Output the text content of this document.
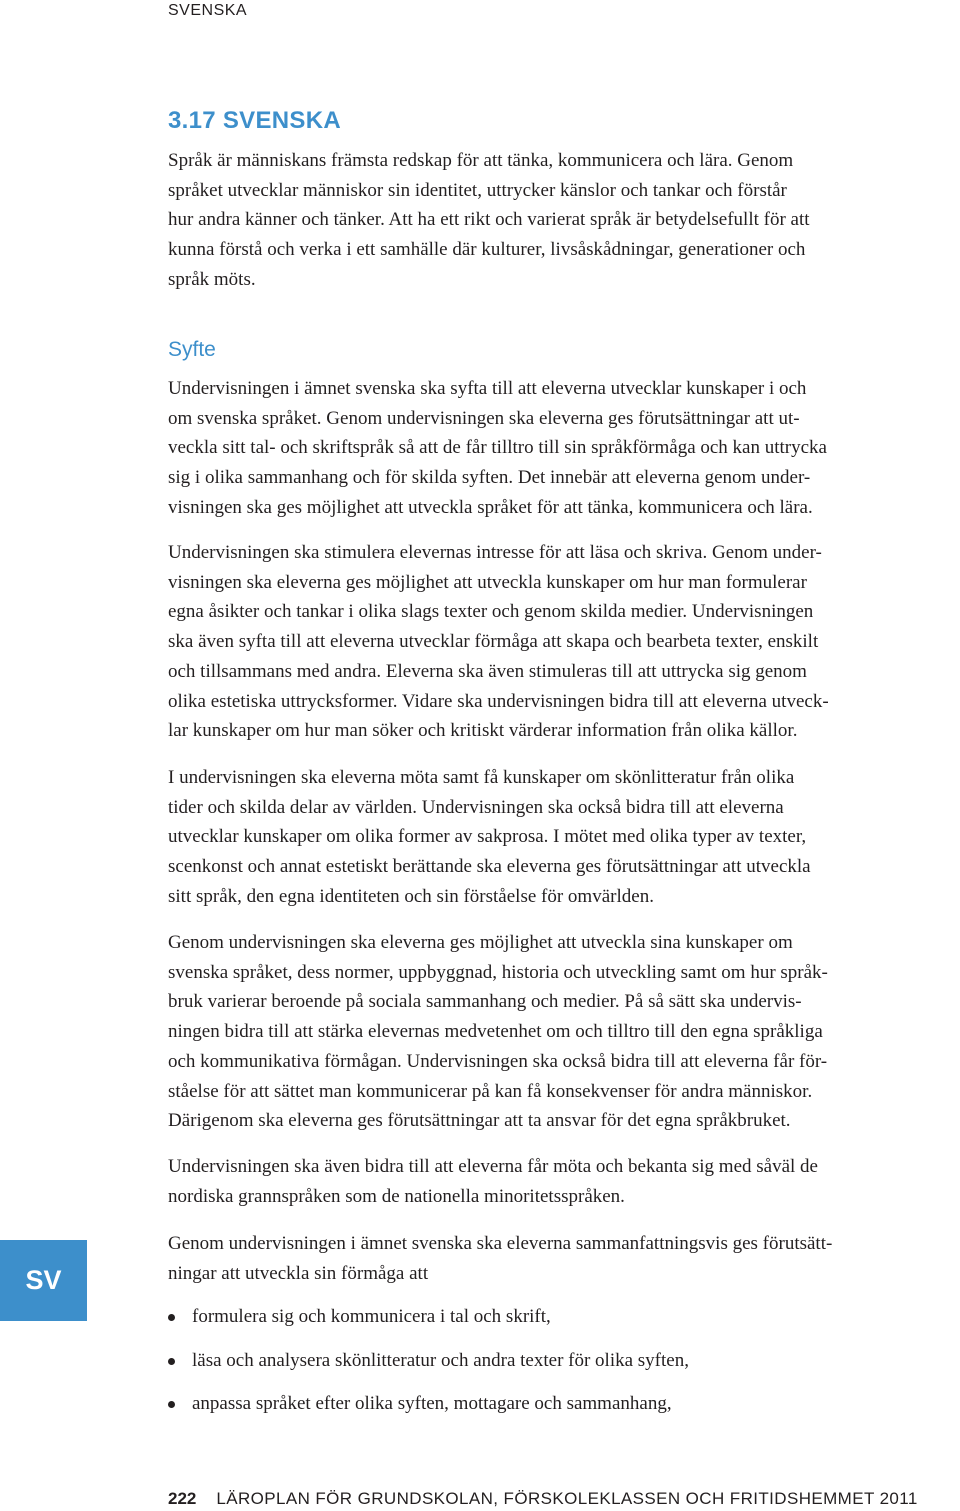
SVENSKA
3.17 SVENSKA

Språk är människans främsta redskap för att tänka, kommunicera och lära. Genom
språket utvecklar människor sin identitet, uttrycker känslor och tankar och förstår
hur andra känner och tänker. Att ha ett rikt och varierat språk är betydelsefullt för att
kunna förstå och verka i ett samhälle där kulturer, livsåskådningar, generationer och
språk möts.

Syfte

Undervisningen i ämnet svenska ska syfta till att eleverna utvecklar kunskaper i och
om svenska språket. Genom undervisningen ska eleverna ges förutsättningar att ut-
veckla sitt tal- och skriftspråk så att de får tilltro till sin språkförmåga och kan uttrycka
sig i olika sammanhang och för skilda syften. Det innebär att eleverna genom under-
visningen ska ges möjlighet att utveckla språket för att tänka, kommunicera och lära.

Undervisningen ska stimulera elevernas intresse för att läsa och skriva. Genom under-
visningen ska eleverna ges möjlighet att utveckla kunskaper om hur man formulerar
egna åsikter och tankar i olika slags texter och genom skilda medier. Undervisningen
ska även syfta till att eleverna utvecklar förmåga att skapa och bearbeta texter, enskilt
och tillsammans med andra. Eleverna ska även stimuleras till att uttrycka sig genom
olika estetiska uttrycksformer. Vidare ska undervisningen bidra till att eleverna utveck-
lar kunskaper om hur man söker och kritiskt värderar information från olika källor.

I undervisningen ska eleverna möta samt få kunskaper om skönlitteratur från olika
tider och skilda delar av världen. Undervisningen ska också bidra till att eleverna
utvecklar kunskaper om olika former av sakprosa. I mötet med olika typer av texter,
scenkonst och annat estetiskt berättande ska eleverna ges förutsättningar att utveckla
sitt språk, den egna identiteten och sin förståelse för omvärlden.

Genom undervisningen ska eleverna ges möjlighet att utveckla sina kunskaper om
svenska språket, dess normer, uppbyggnad, historia och utveckling samt om hur språk-
bruk varierar beroende på sociala sammanhang och medier. På så sätt ska undervis-
ningen bidra till att stärka elevernas medvetenhet om och tilltro till den egna språkliga
och kommunikativa förmågan. Undervisningen ska också bidra till att eleverna får för-
ståelse för att sättet man kommunicerar på kan få konsekvenser för andra människor.
Därigenom ska eleverna ges förutsättningar att ta ansvar för det egna språkbruket.

Undervisningen ska även bidra till att eleverna får möta och bekanta sig med såväl de
nordiska grannspråken som de nationella minoritetsspråken.

Genom undervisningen i ämnet svenska ska eleverna sammanfattningsvis ges förutsätt-
ningar att utveckla sin förmåga att

formulera sig och kommunicera i tal och skrift,
läsa och analysera skönlitteratur och andra texter för olika syften,
anpassa språket efter olika syften, mottagare och sammanhang,
SV
222 LÄROPLAN FÖR GRUNDSKOLAN, FÖRSKOLEKLASSEN OCH FRITIDSHEMMET 2011
